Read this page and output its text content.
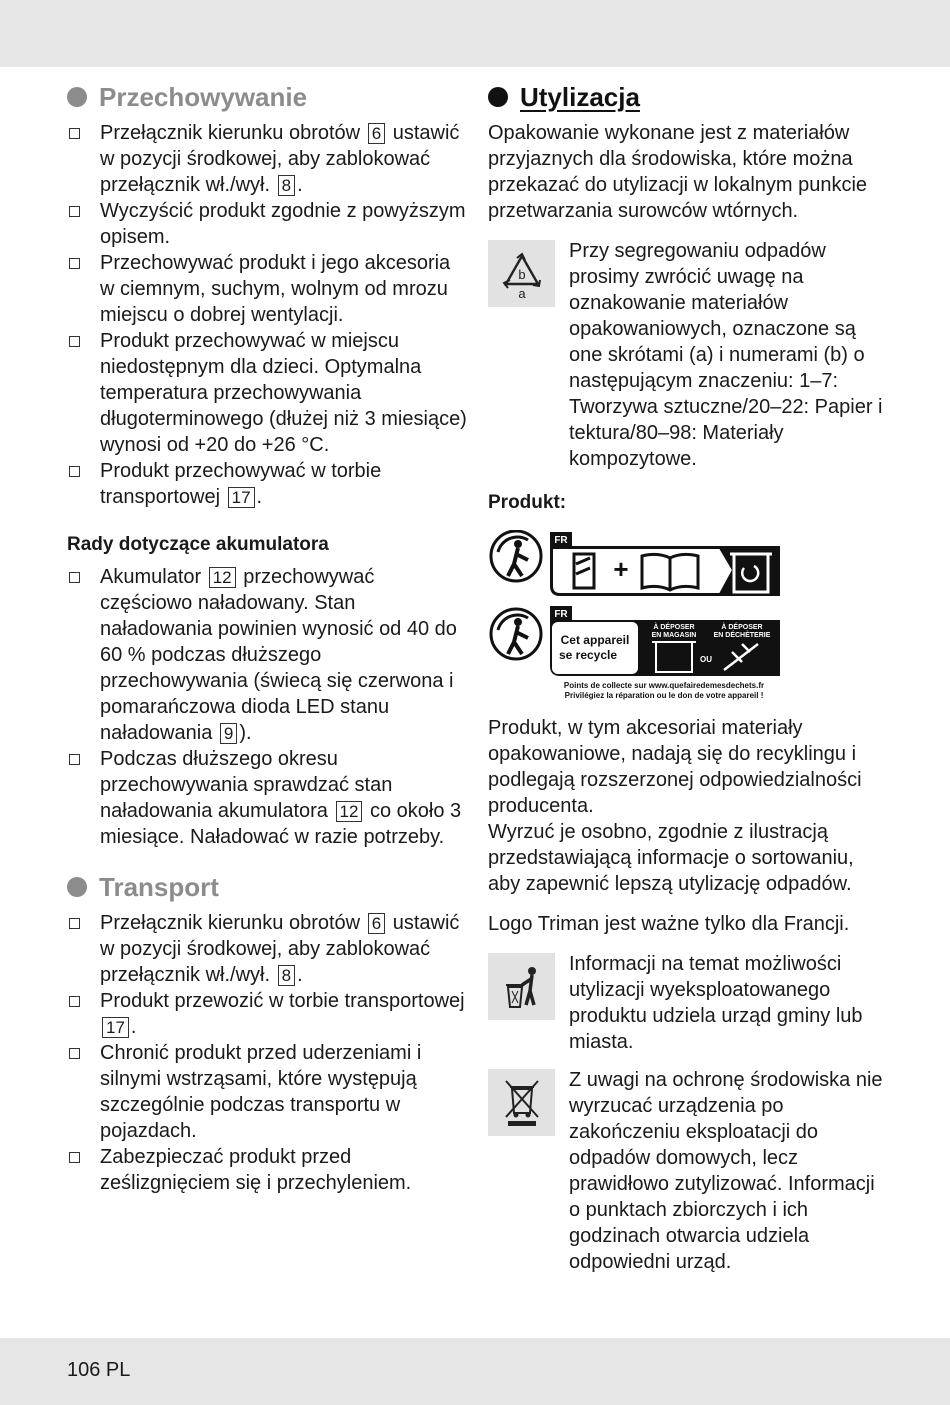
Przechowywanie
Przełącznik kierunku obrotów 6 ustawić w pozycji środkowej, aby zablokować przełącznik wł./wył. 8 .
Wyczyścić produkt zgodnie z powyższym opisem.
Przechowywać produkt i jego akcesoria w ciemnym, suchym, wolnym od mrozu miejscu o dobrej wentylacji.
Produkt przechowywać w miejscu niedostępnym dla dzieci. Optymalna temperatura przechowywania długoterminowego (dłużej niż 3 miesiące) wynosi od +20 do +26 °C.
Produkt przechowywać w torbie transportowej 17 .
Rady dotyczące akumulatora
Akumulator 12 przechowywać częściowo naładowany. Stan naładowania powinien wynosić od 40 do 60 % podczas dłuższego przechowywania (świecą się czerwona i pomarańczowa dioda LED stanu naładowania 9 ).
Podczas dłuższego okresu przechowywania sprawdzać stan naładowania akumulatora 12 co około 3 miesiące. Naładować w razie potrzeby.
Transport
Przełącznik kierunku obrotów 6 ustawić w pozycji środkowej, aby zablokować przełącznik wł./wył. 8 .
Produkt przewozić w torbie transportowej 17 .
Chronić produkt przed uderzeniami i silnymi wstrząsami, które występują szczególnie podczas transportu w pojazdach.
Zabezpieczać produkt przed ześlizgnięciem się i przechyleniem.
Utylizacja

Opakowanie wykonane jest z materiałów przyjaznych dla środowiska, które można przekazać do utylizacji w lokalnym punkcie przetwarzania surowców wtórnych.

b
a

Przy segregowaniu odpadów prosimy zwrócić uwagę na oznakowanie materiałów opakowaniowych, oznaczone są one skrótami (a) i numerami (b) o następującym znaczeniu: 1–7: Tworzywa sztuczne/20–22: Papier i tektura/80–98: Materiały kompozytowe.

Produkt:
FR
+
FR
Cet appareil
se recycle
À DÉPOSER
EN MAGASIN
OU
À DÉPOSER
EN DÉCHÈTERIE
Points de collecte sur www.quefairedemesdechets.fr
Privilégiez la réparation ou le don de votre appareil !

Produkt, w tym akcesoriai materiały opakowaniowe, nadają się do recyklingu i podlegają rozszerzonej odpowiedzialności producenta.

Wyrzuć je osobno, zgodnie z ilustracją przedstawiającą informacje o sortowaniu, aby zapewnić lepszą utylizację odpadów.

Logo Triman jest ważne tylko dla Francji.

Informacji na temat możliwości utylizacji wyeksploatowanego produktu udziela urząd gminy lub miasta.

Z uwagi na ochronę środowiska nie wyrzucać urządzenia po zakończeniu eksploatacji do odpadów domowych, lecz prawidłowo zutylizować. Informacji o punktach zbiorczych i ich godzinach otwarcia udziela odpowiedni urząd.

106 PL
